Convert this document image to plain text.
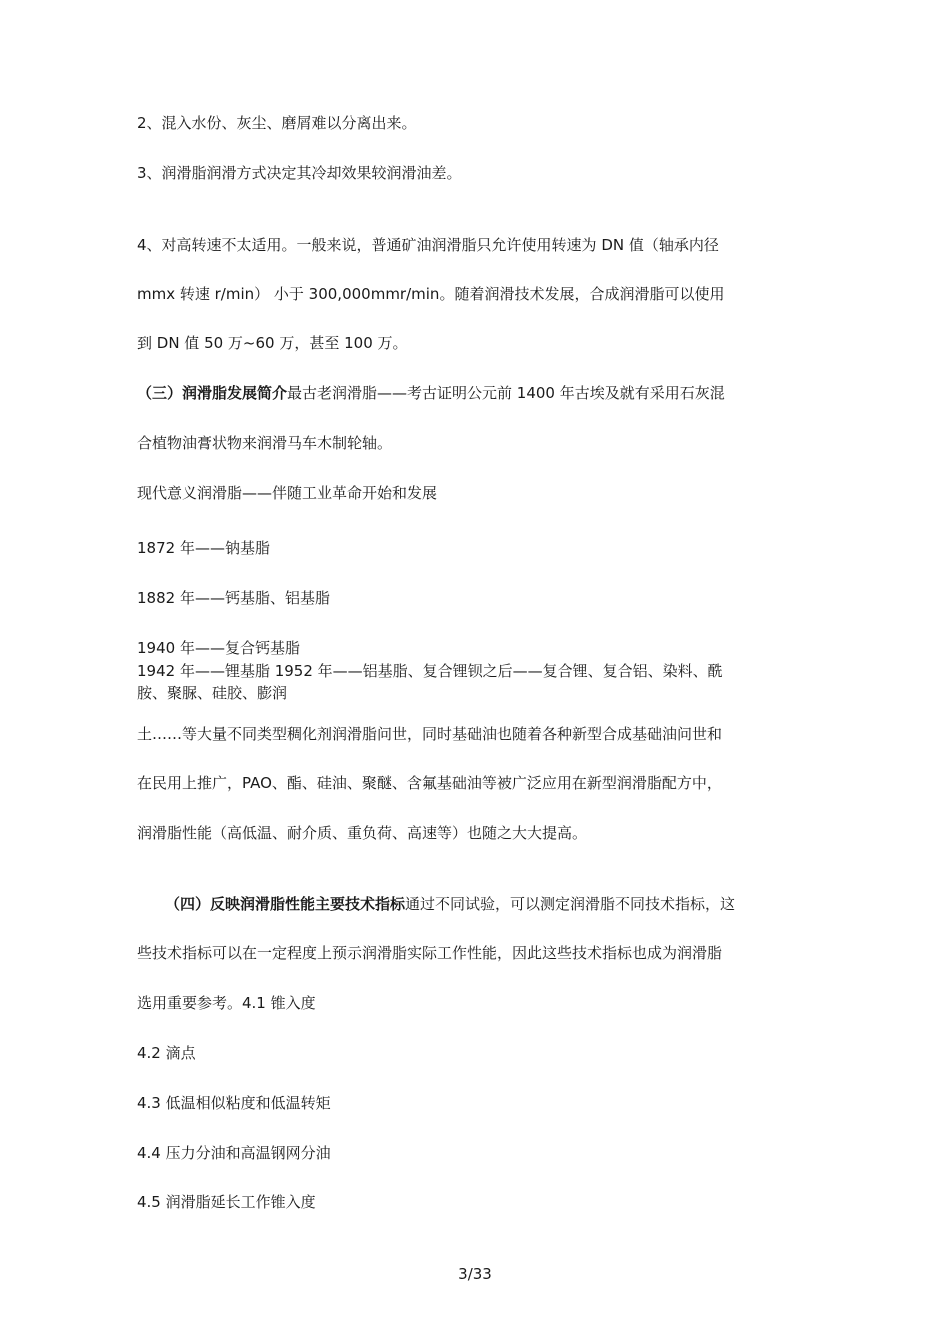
2、混入水份、灰尘、磨屑难以分离出来。
3、润滑脂润滑方式决定其冷却效果较润滑油差。
4、对高转速不太适用。一般来说，普通矿油润滑脂只允许使用转速为 DN 值（轴承内径
mmx 转速 r/min） 小于 300,000mmr/min。随着润滑技术发展，合成润滑脂可以使用
到 DN 值 50 万~60 万，甚至 100 万。
（三）润滑脂发展简介最古老润滑脂——考古证明公元前 1400 年古埃及就有采用石灰混
合植物油膏状物来润滑马车木制轮轴。
现代意义润滑脂——伴随工业革命开始和发展
1872 年——钠基脂
1882 年——钙基脂、铝基脂
1940 年——复合钙基脂
1942 年——锂基脂 1952 年——铝基脂、复合锂钡之后——复合锂、复合铝、染料、酰
胺、聚脲、硅胶、膨润
土……等大量不同类型稠化剂润滑脂问世，同时基础油也随着各种新型合成基础油问世和
在民用上推广，PAO、酯、硅油、聚醚、含氟基础油等被广泛应用在新型润滑脂配方中，
润滑脂性能（高低温、耐介质、重负荷、高速等）也随之大大提高。
（四）反映润滑脂性能主要技术指标通过不同试验，可以测定润滑脂不同技术指标，这
些技术指标可以在一定程度上预示润滑脂实际工作性能，因此这些技术指标也成为润滑脂
选用重要参考。4.1 锥入度
4.2 滴点
4.3 低温相似粘度和低温转矩
4.4 压力分油和高温钢网分油
4.5 润滑脂延长工作锥入度
3/33
